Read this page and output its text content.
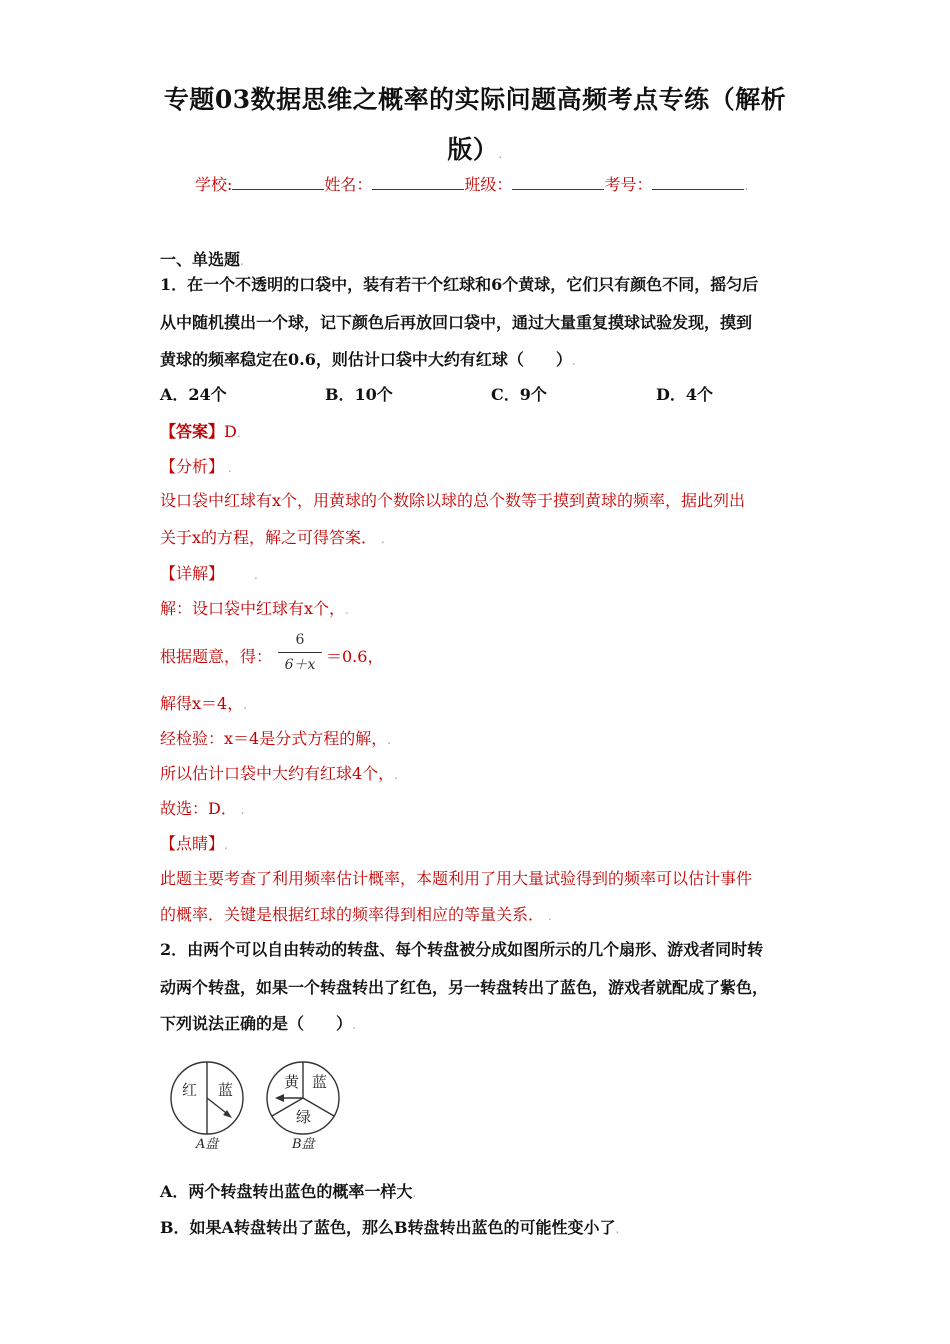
专题03数据思维之概率的实际问题高频考点专练（解析
版）.
学校:	姓名：	班级：	考号：	.
一、单选题.
1．在一个不透明的口袋中，装有若干个红球和6个黄球，它们只有颜色不同，摇匀后
从中随机摸出一个球，记下颜色后再放回口袋中，通过大量重复摸球试验发现，摸到
黄球的频率稳定在0.6，则估计口袋中大约有红球（　　）.
A．24个	B．10个	C．9个	D．4个
【答案】D.
【分析】 .
设口袋中红球有x个，用黄球的个数除以球的总个数等于摸到黄球的频率，据此列出
关于x的方程，解之可得答案． .
【详解】	.
解：设口袋中红球有x个，.
根据题意，得：
6
6＋x ＝0.6，
解得x＝4，.
经检验：x＝4是分式方程的解，.
所以估计口袋中大约有红球4个，.
故选：D． .
【点睛】.
此题主要考查了利用频率估计概率，本题利用了用大量试验得到的频率可以估计事件
的概率．关键是根据红球的频率得到相应的等量关系． .
2．由两个可以自由转动的转盘、每个转盘被分成如图所示的几个扇形、游戏者同时转
动两个转盘，如果一个转盘转出了红色，另一转盘转出了蓝色，游戏者就配成了紫色，
下列说法正确的是（　　）.
红 蓝
A盘
黄 蓝
绿
B盘
A．两个转盘转出蓝色的概率一样大.
B．如果A转盘转出了蓝色，那么B转盘转出蓝色的可能性变小了.
